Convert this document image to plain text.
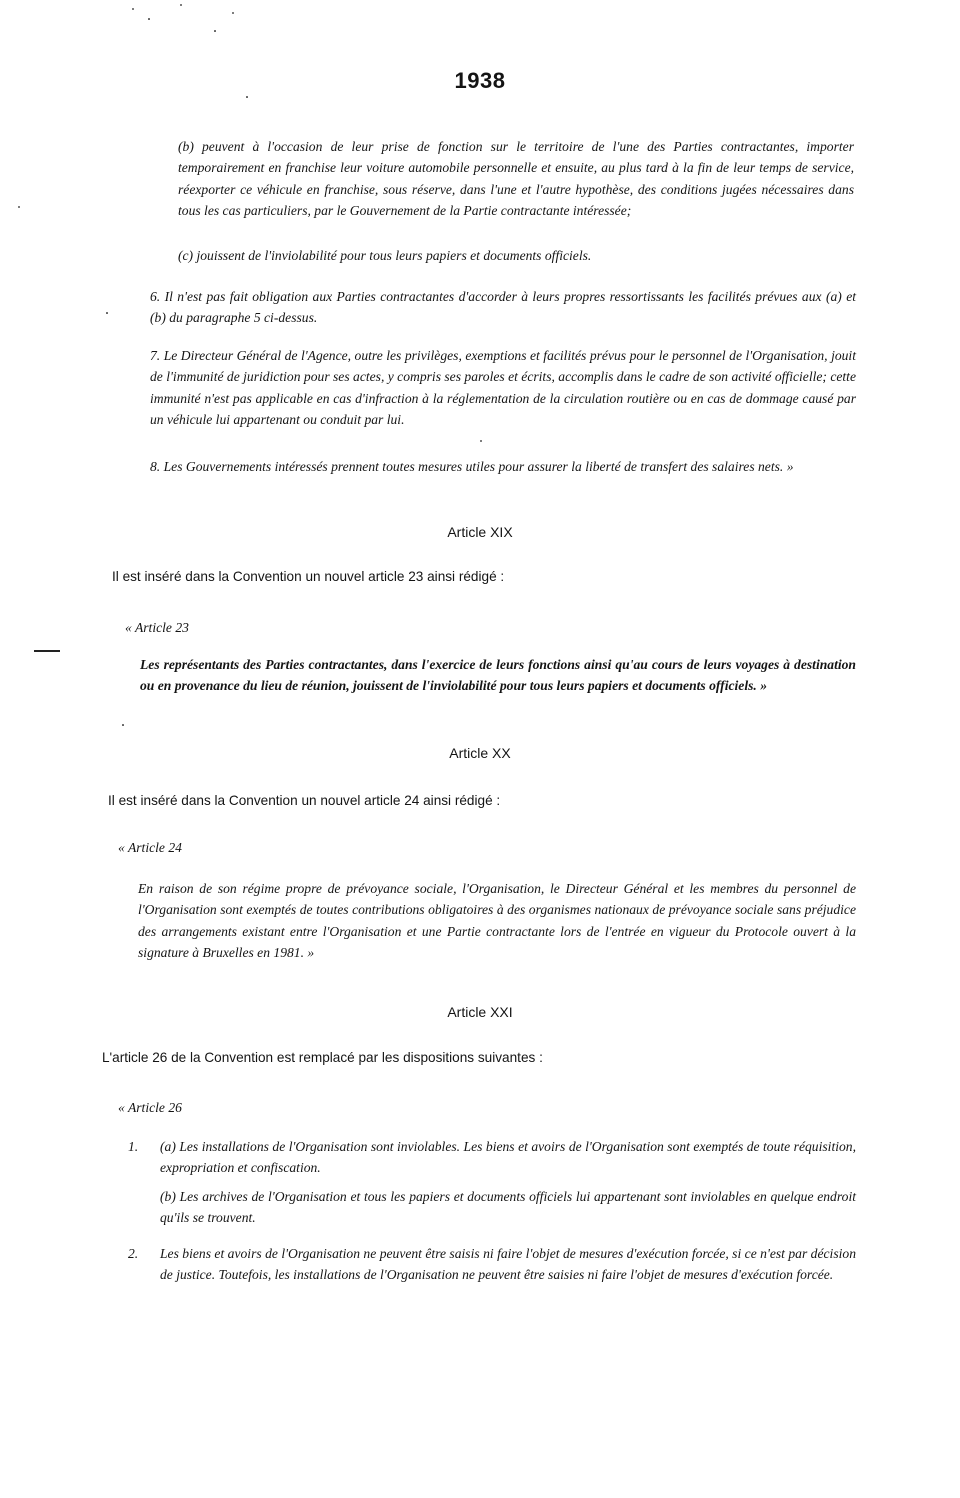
1938
(b) peuvent à l'occasion de leur prise de fonction sur le territoire de l'une des Parties contractantes, importer temporairement en franchise leur voiture automobile personnelle et ensuite, au plus tard à la fin de leur temps de service, réexporter ce véhicule en franchise, sous réserve, dans l'une et l'autre hypothèse, des conditions jugées nécessaires dans tous les cas particuliers, par le Gouvernement de la Partie contractante intéressée;
(c) jouissent de l'inviolabilité pour tous leurs papiers et documents officiels.
6. Il n'est pas fait obligation aux Parties contractantes d'accorder à leurs propres ressortissants les facilités prévues aux (a) et (b) du paragraphe 5 ci-dessus.
7. Le Directeur Général de l'Agence, outre les privilèges, exemptions et facilités prévus pour le personnel de l'Organisation, jouit de l'immunité de juridiction pour ses actes, y compris ses paroles et écrits, accomplis dans le cadre de son activité officielle; cette immunité n'est pas applicable en cas d'infraction à la réglementation de la circulation routière ou en cas de dommage causé par un véhicule lui appartenant ou conduit par lui.
8. Les Gouvernements intéressés prennent toutes mesures utiles pour assurer la liberté de transfert des salaires nets. »
Article XIX
Il est inséré dans la Convention un nouvel article 23 ainsi rédigé :
« Article 23
Les représentants des Parties contractantes, dans l'exercice de leurs fonctions ainsi qu'au cours de leurs voyages à destination ou en provenance du lieu de réunion, jouissent de l'inviolabilité pour tous leurs papiers et documents officiels. »
Article XX
Il est inséré dans la Convention un nouvel article 24 ainsi rédigé :
« Article 24
En raison de son régime propre de prévoyance sociale, l'Organisation, le Directeur Général et les membres du personnel de l'Organisation sont exemptés de toutes contributions obligatoires à des organismes nationaux de prévoyance sociale sans préjudice des arrangements existant entre l'Organisation et une Partie contractante lors de l'entrée en vigueur du Protocole ouvert à la signature à Bruxelles en 1981. »
Article XXI
L'article 26 de la Convention est remplacé par les dispositions suivantes :
« Article 26
1.	(a) Les installations de l'Organisation sont inviolables. Les biens et avoirs de l'Organisation sont exemptés de toute réquisition, expropriation et confiscation.
(b) Les archives de l'Organisation et tous les papiers et documents officiels lui appartenant sont inviolables en quelque endroit qu'ils se trouvent.
2.	Les biens et avoirs de l'Organisation ne peuvent être saisis ni faire l'objet de mesures d'exécution forcée, si ce n'est par décision de justice. Toutefois, les installations de l'Organisation ne peuvent être saisies ni faire l'objet de mesures d'exécution forcée.
